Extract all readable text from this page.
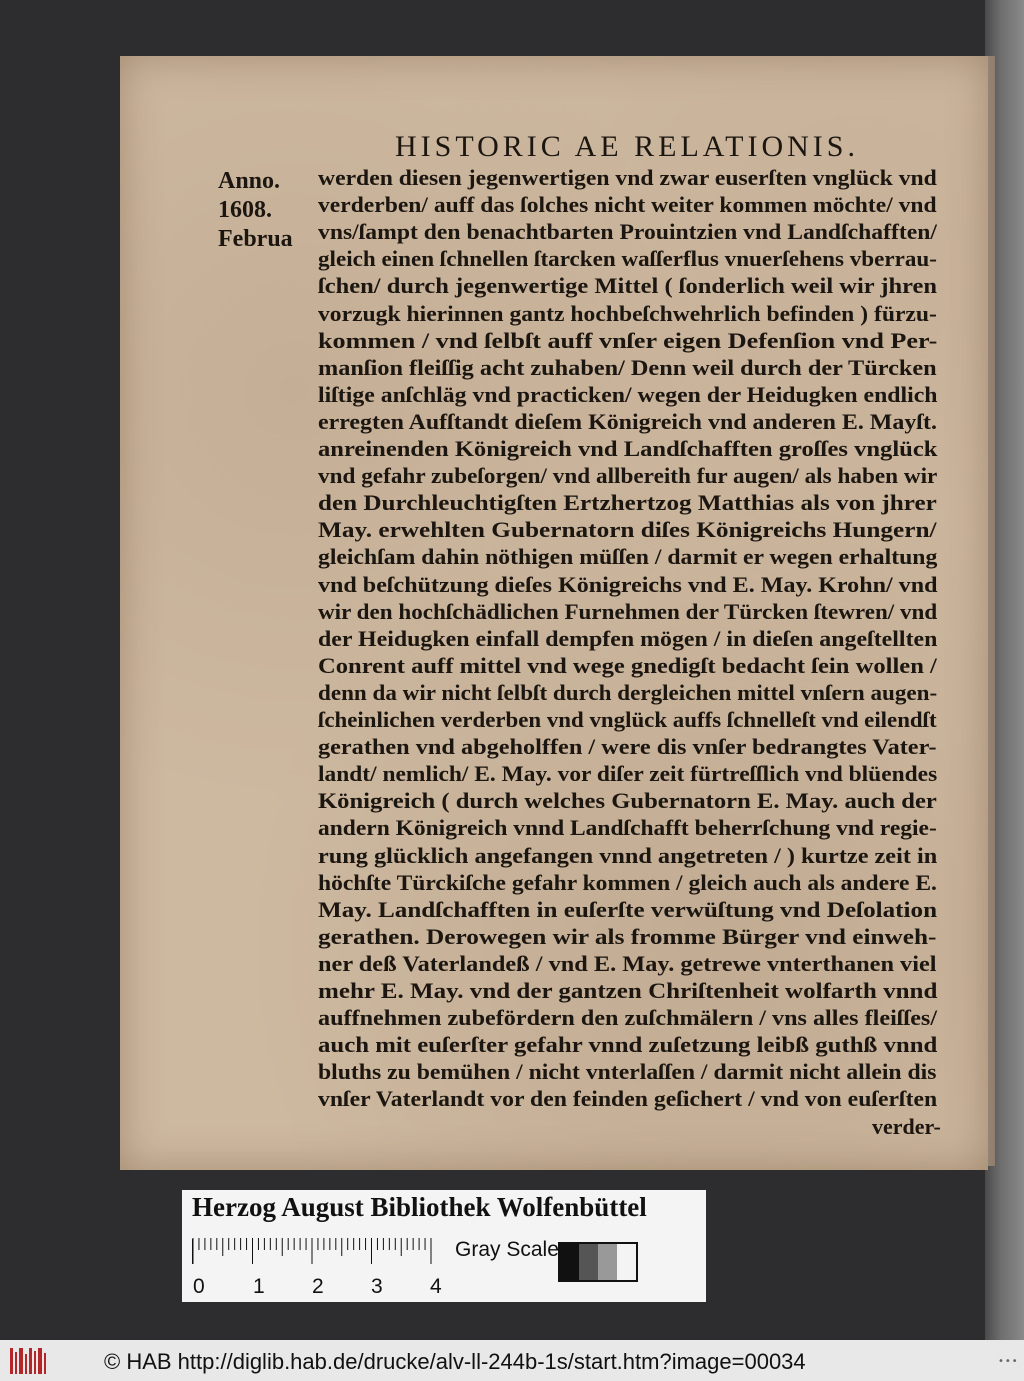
HISTORIC AE RELATIONIS.
Anno.
1608.
Februa
werden diesen jegenwertigen vnd zwar euserſten vnglück vnd
verderben/ auff das ſolches nicht weiter kommen möchte/ vnd
vns/ſampt den benachtbarten Prouintzien vnd Landſchafften/
gleich einen ſchnellen ſtarcken waſſerflus vnuerſehens vberrau-
ſchen/ durch jegenwertige Mittel ( ſonderlich weil wir jhren
vorzugk hierinnen gantz hochbeſchwehrlich befinden ) fürzu-
kommen / vnd ſelbſt auff vnſer eigen Defenſion vnd Per-
manſion fleiſſig acht zuhaben/ Denn weil durch der Türcken
liſtige anſchläg vnd practicken/ wegen der Heidugken endlich
erregten Aufſtandt dieſem Königreich vnd anderen E. Mayſt.
anreinenden Königreich vnd Landſchafften groſſes vnglück
vnd gefahr zubeſorgen/ vnd allbereith fur augen/ als haben wir
den Durchleuchtigſten Ertzhertzog Matthias als von jhrer
May. erwehlten Gubernatorn diſes Königreichs Hungern/
gleichſam dahin nöthigen müſſen / darmit er wegen erhaltung
vnd beſchützung dieſes Königreichs vnd E. May. Krohn/ vnd
wir den hochſchädlichen Furnehmen der Türcken ſtewren/ vnd
der Heidugken einfall dempfen mögen / in dieſen angeſtellten
Conrent auff mittel vnd wege gnedigſt bedacht ſein wollen /
denn da wir nicht ſelbſt durch dergleichen mittel vnſern augen-
ſcheinlichen verderben vnd vnglück auffs ſchnelleſt vnd eilendſt
gerathen vnd abgeholffen / were dis vnſer bedrangtes Vater-
landt/ nemlich/ E. May. vor diſer zeit fürtreſſlich vnd blüendes
Königreich ( durch welches Gubernatorn E. May. auch der
andern Königreich vnnd Landſchafft beherrſchung vnd regie-
rung glücklich angefangen vnnd angetreten / ) kurtze zeit in
höchſte Türckiſche gefahr kommen / gleich auch als andere E.
May. Landſchafften in euſerſte verwüſtung vnd Deſolation
gerathen. Derowegen wir als fromme Bürger vnd einweh-
ner deß Vaterlandeß / vnd E. May. getrewe vnterthanen viel
mehr E. May. vnd der gantzen Chriſtenheit wolfarth vnnd
auffnehmen zubefördern den zuſchmälern / vns alles fleiſſes/
auch mit euſerſter gefahr vnnd zuſetzung leibß guthß vnnd
bluths zu bemühen / nicht vnterlaſſen / darmit nicht allein dis
vnſer Vaterlandt vor den feinden geſichert / vnd von euſerſten
verder-
Herzog August Bibliothek Wolfenbüttel
0 1 2 3 4
Gray Scale
© HAB http://diglib.hab.de/drucke/alv-ll-244b-1s/start.htm?image=00034	•••
